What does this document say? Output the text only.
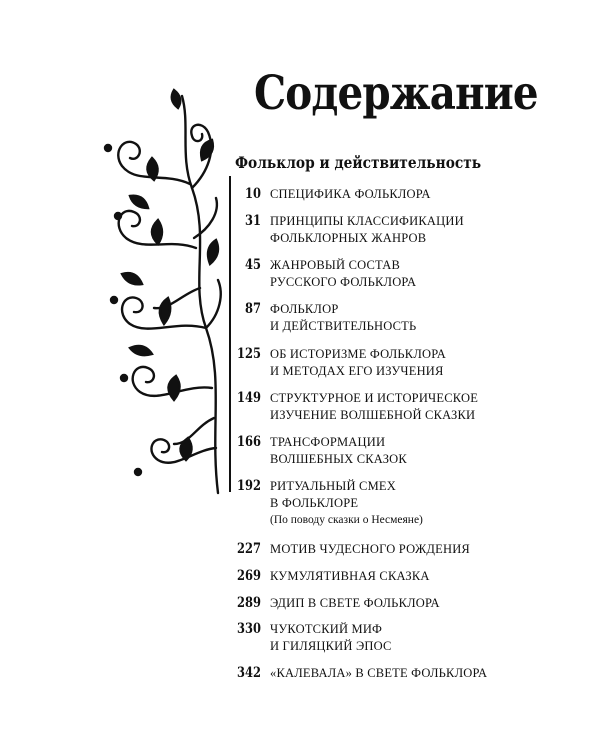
Содержание
Фольклор и действительность
10 СПЕЦИФИКА ФОЛЬКЛОРА
31 ПРИНЦИПЫ КЛАССИФИКАЦИИ
ФОЛЬКЛОРНЫХ ЖАНРОВ
45 ЖАНРОВЫЙ СОСТАВ
РУССКОГО ФОЛЬКЛОРА
87 ФОЛЬКЛОР
И ДЕЙСТВИТЕЛЬНОСТЬ
125 ОБ ИСТОРИЗМЕ ФОЛЬКЛОРА
И МЕТОДАХ ЕГО ИЗУЧЕНИЯ
149 СТРУКТУРНОЕ И ИСТОРИЧЕСКОЕ
ИЗУЧЕНИЕ ВОЛШЕБНОЙ СКАЗКИ
166 ТРАНСФОРМАЦИИ
ВОЛШЕБНЫХ СКАЗОК
192 РИТУАЛЬНЫЙ СМЕХ
В ФОЛЬКЛОРЕ
(По поводу сказки о Несмеяне)
227 МОТИВ ЧУДЕСНОГО РОЖДЕНИЯ
269 КУМУЛЯТИВНАЯ СКАЗКА
289 ЭДИП В СВЕТЕ ФОЛЬКЛОРА
330 ЧУКОТСКИЙ МИФ
И ГИЛЯЦКИЙ ЭПОС
342 «КАЛЕВАЛА» В СВЕТЕ ФОЛЬКЛОРА
